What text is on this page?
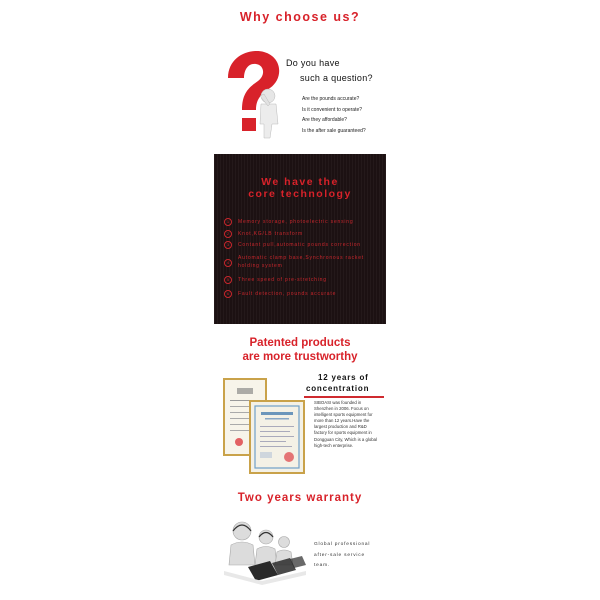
Why choose us?
Do you have
such a question?
Are the pounds accurate?
Is it convenient to operate?
Are they affordable?
Is the after sale guaranteed?
We have the
core technology
1	Memory storage, photoelectric sensing
2	Knot,KG/LB transform
3	Contant pull,automatic pounds correction
4
Automatic clamp base,Synchronous racket holding system
5	Three speed of pre-stretching
6	Fault detection, pounds accurate
Patented products
are more trustworthy
12 years of
concentration
SIBOASI was founded in Shenzhen in 2006. Focus on intelligent sports equipment for more than 12 years.Have the largest production and R&D factory for sports equipment in Dongguan City, Which is a global high-tech enterprise.
Two years warranty
Global professional
after-sale service
team.
